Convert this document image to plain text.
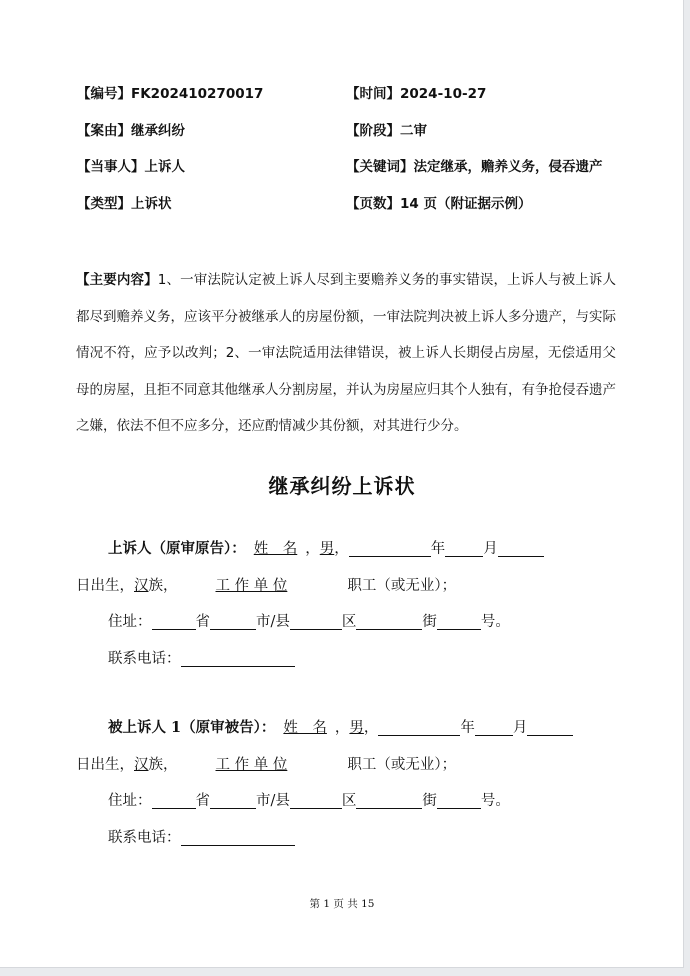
【编号】FK202410270017	【时间】2024-10-27
【案由】继承纠纷	【阶段】二审
【当事人】上诉人	【关键词】法定继承，赡养义务，侵吞遗产
【类型】上诉状	【页数】14 页（附证据示例）
【主要内容】1、一审法院认定被上诉人尽到主要赡养义务的事实错误，上诉人与被上诉人都尽到赡养义务，应该平分被继承人的房屋份额，一审法院判决被上诉人多分遗产，与实际情况不符，应予以改判；2、一审法院适用法律错误，被上诉人长期侵占房屋，无偿适用父母的房屋，且拒不同意其他继承人分割房屋，并认为房屋应归其个人独有，有争抢侵吞遗产之嫌，依法不但不应多分，还应酌情减少其份额，对其进行少分。
继承纠纷上诉状
上诉人（原审原告）： 姓　名 ，男，	年	月
日出生，汉族，	工 作 单 位	职工（或无业）；
住址：	省	市/县	区	街	号。
联系电话：
被上诉人 1（原审被告）： 姓　名 ，男，	年	月
日出生，汉族，	工 作 单 位	职工（或无业）；
住址：	省	市/县	区	街	号。
联系电话：
第 1 页 共 15
